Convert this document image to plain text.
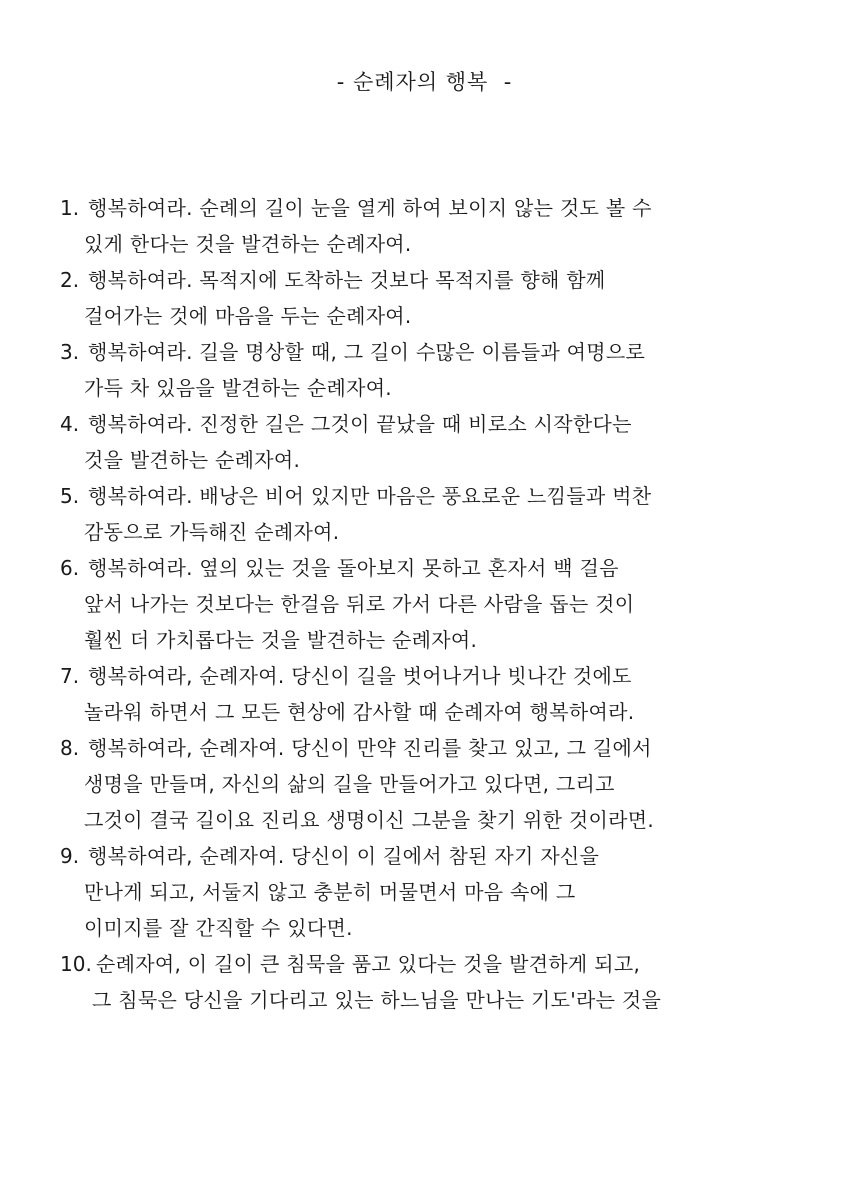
- 순례자의 행복  -
1. 행복하여라. 순례의 길이 눈을 열게 하여 보이지 않는 것도 볼 수
있게 한다는 것을 발견하는 순례자여.
2. 행복하여라. 목적지에 도착하는 것보다 목적지를 향해 함께
걸어가는 것에 마음을 두는 순례자여.
3. 행복하여라. 길을 명상할 때, 그 길이 수많은 이름들과 여명으로
가득 차 있음을 발견하는 순례자여.
4. 행복하여라. 진정한 길은 그것이 끝났을 때 비로소 시작한다는
것을 발견하는 순례자여.
5. 행복하여라. 배낭은 비어 있지만 마음은 풍요로운 느낌들과 벅찬
감동으로 가득해진 순례자여.
6. 행복하여라. 옆의 있는 것을 돌아보지 못하고 혼자서 백 걸음
앞서 나가는 것보다는 한걸음 뒤로 가서 다른 사람을 돕는 것이
훨씬 더 가치롭다는 것을 발견하는 순례자여.
7. 행복하여라, 순례자여. 당신이 길을 벗어나거나 빗나간 것에도
놀라워 하면서 그 모든 현상에 감사할 때 순례자여 행복하여라.
8. 행복하여라, 순례자여. 당신이 만약 진리를 찾고 있고, 그 길에서
생명을 만들며, 자신의 삶의 길을 만들어가고 있다면, 그리고
그것이 결국 길이요 진리요 생명이신 그분을 찾기 위한 것이라면.
9. 행복하여라, 순례자여. 당신이 이 길에서 참된 자기 자신을
만나게 되고, 서둘지 않고 충분히 머물면서 마음 속에 그
이미지를 잘 간직할 수 있다면.
10. 순례자여, 이 길이 큰 침묵을 품고 있다는 것을 발견하게 되고,
그 침묵은 당신을 기다리고 있는 하느님을 만나는 기도'라는 것을
